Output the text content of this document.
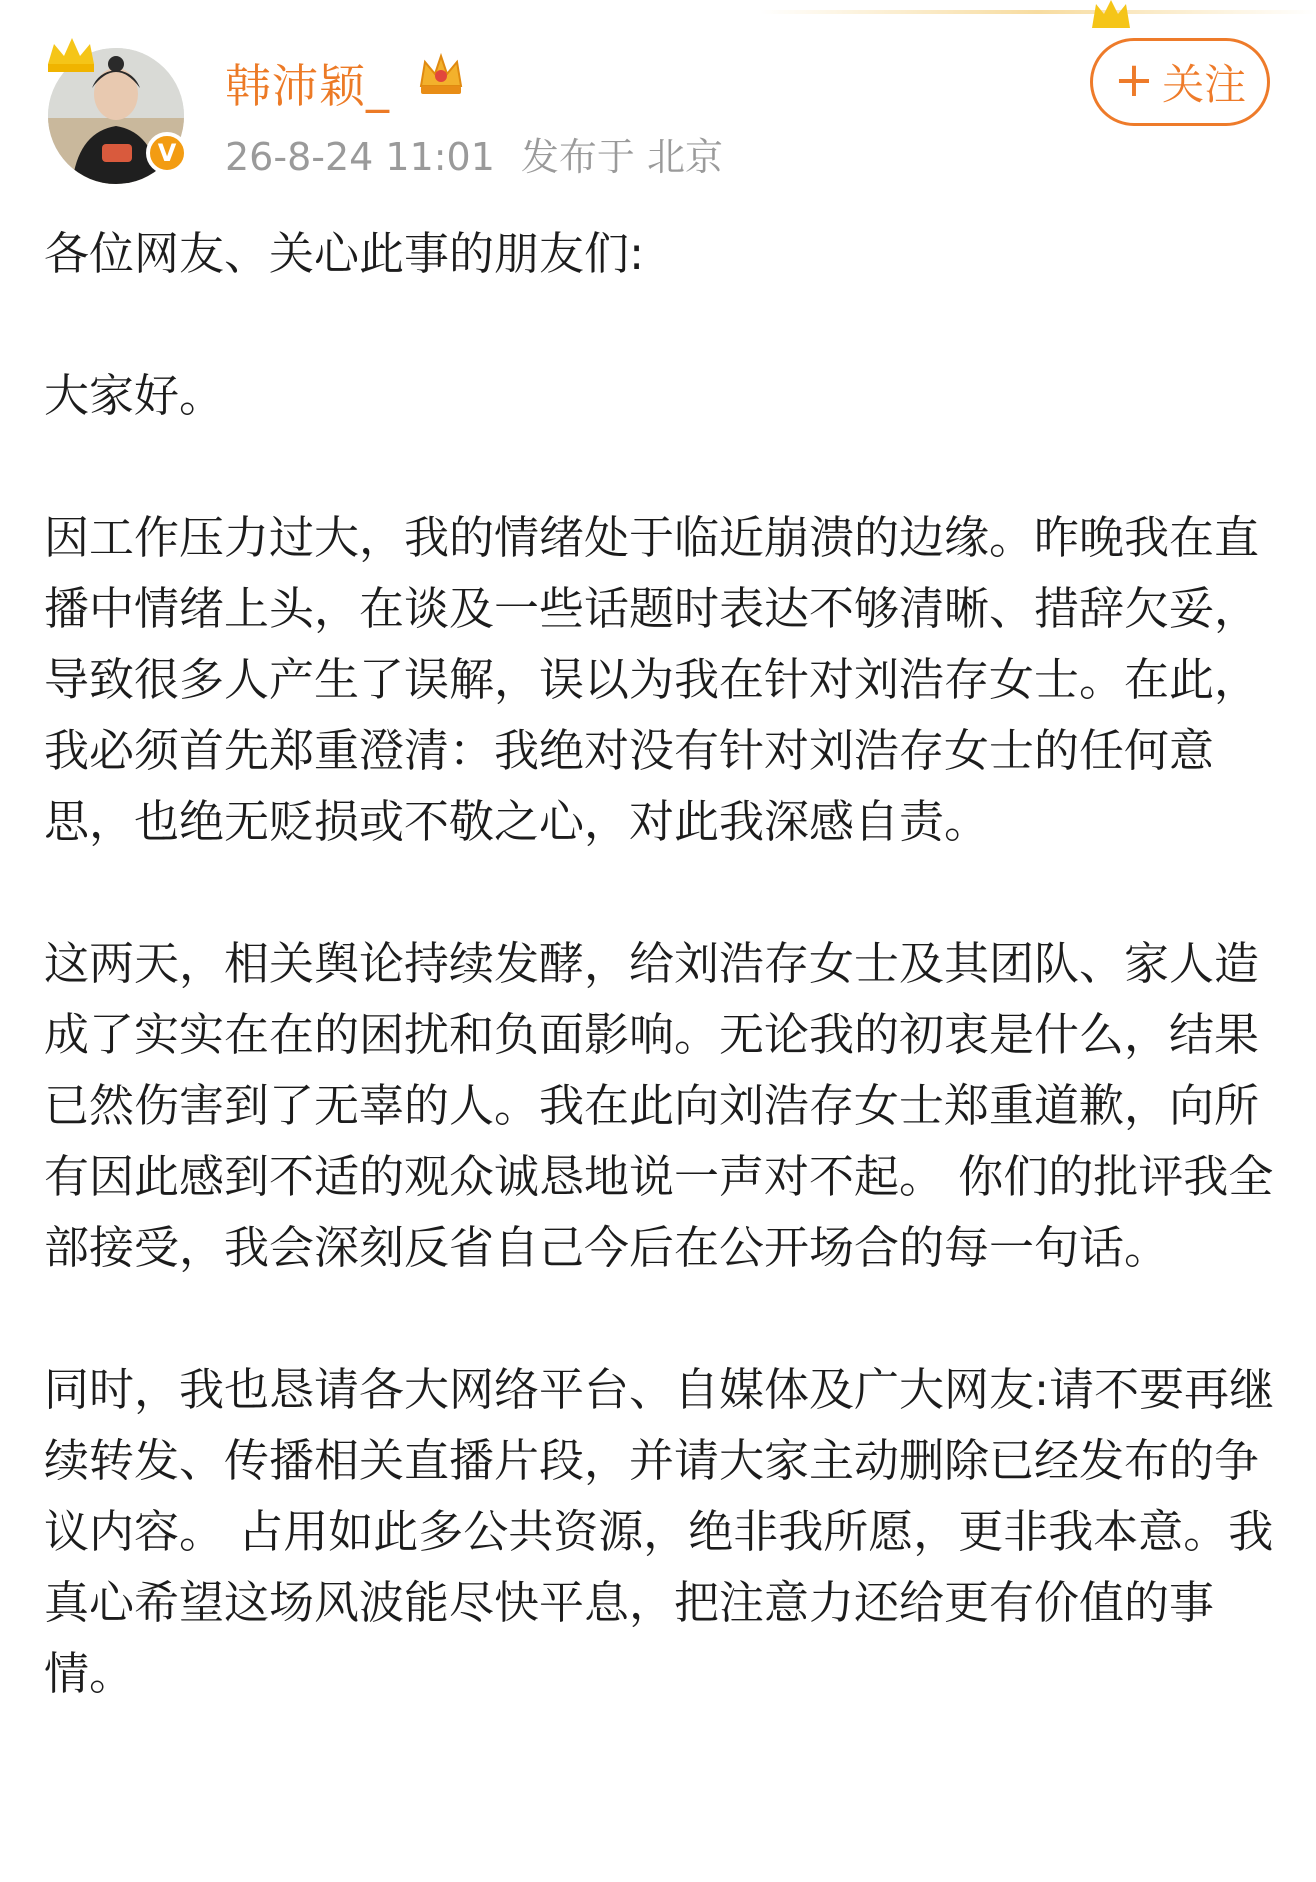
V
韩沛颖_
26-8-24 11:01 发布于 北京
+ 关注

各位网友、关心此事的朋友们:

大家好。

因工作压力过大，我的情绪处于临近崩溃的边缘。昨晚我在直播中情绪上头，在谈及一些话题时表达不够清晰、措辞欠妥，导致很多人产生了误解，误以为我在针对刘浩存女士。在此，我必须首先郑重澄清：我绝对没有针对刘浩存女士的任何意思，也绝无贬损或不敬之心，对此我深感自责。

这两天，相关舆论持续发酵，给刘浩存女士及其团队、家人造成了实实在在的困扰和负面影响。无论我的初衷是什么，结果已然伤害到了无辜的人。我在此向刘浩存女士郑重道歉，向所有因此感到不适的观众诚恳地说一声对不起。 你们的批评我全部接受，我会深刻反省自己今后在公开场合的每一句话。

同时，我也恳请各大网络平台、自媒体及广大网友:请不要再继续转发、传播相关直播片段，并请大家主动删除已经发布的争议内容。 占用如此多公共资源，绝非我所愿，更非我本意。我真心希望这场风波能尽快平息，把注意力还给更有价值的事情。
